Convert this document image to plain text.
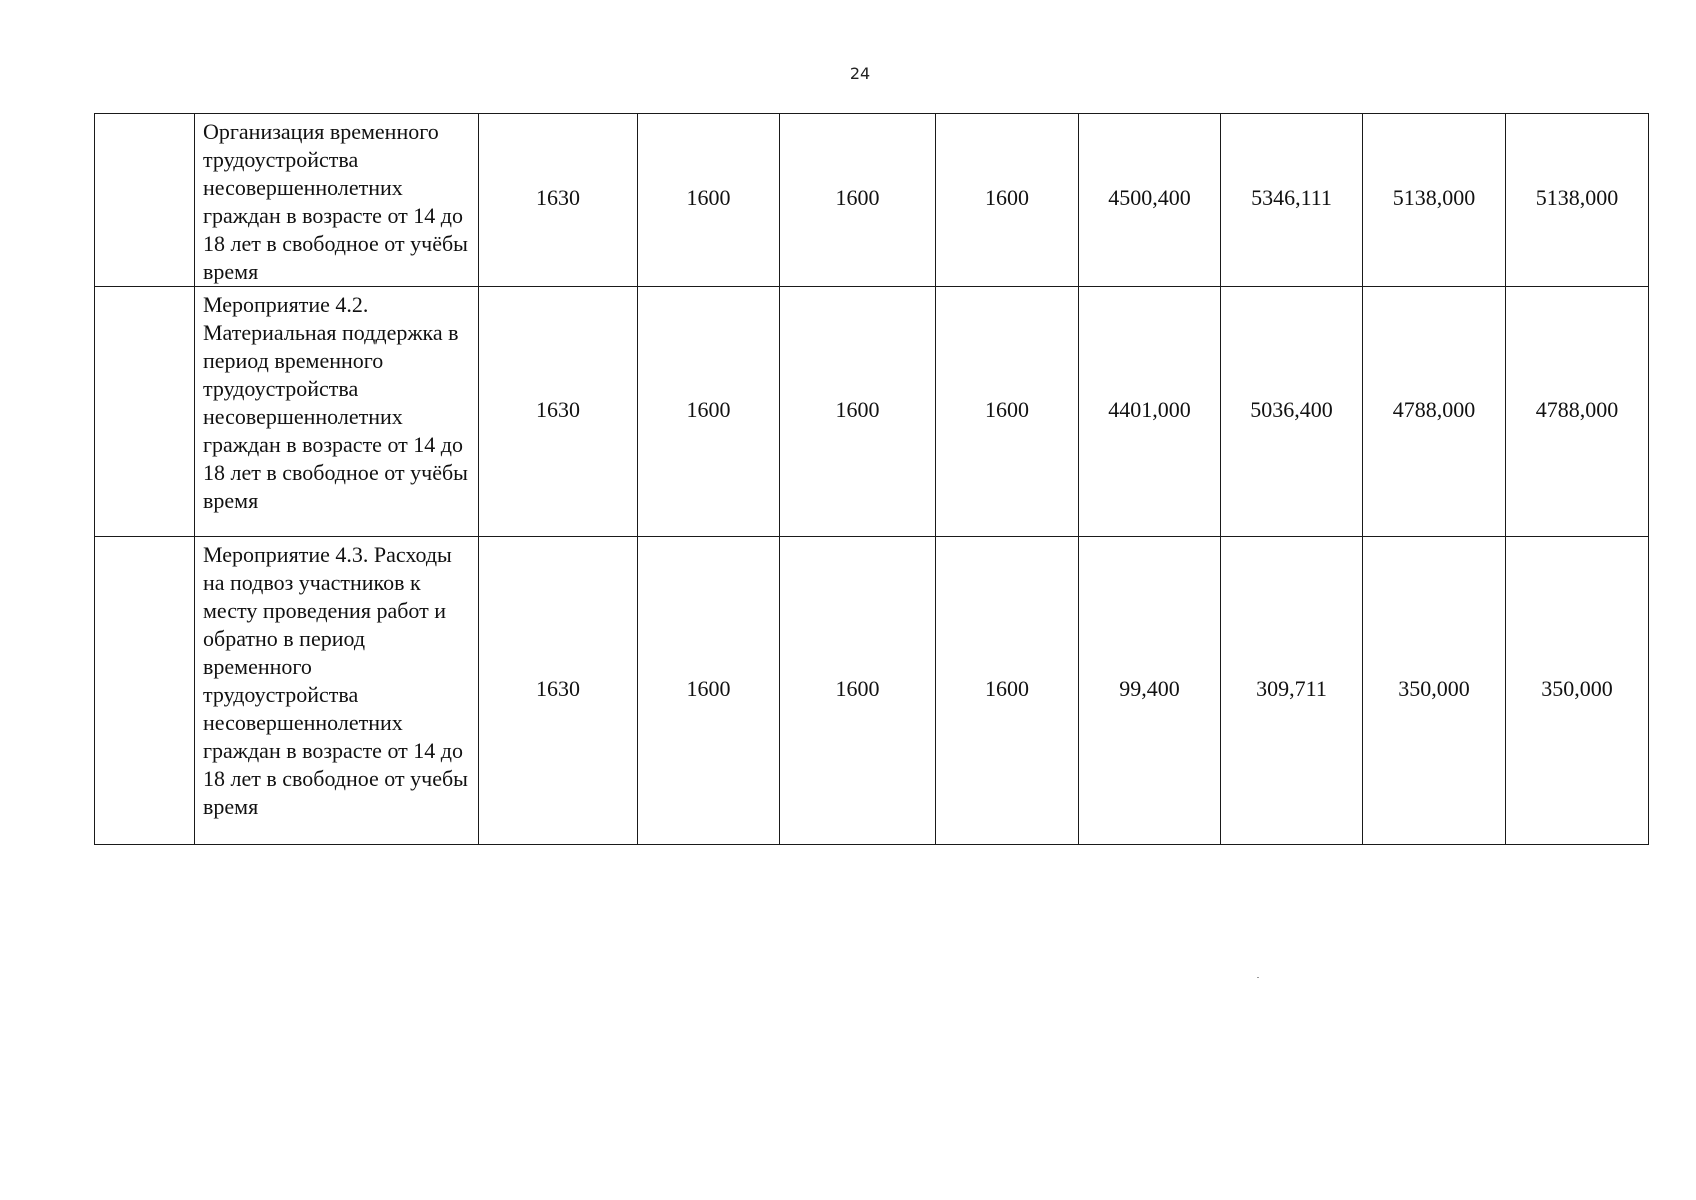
24
	Организация временного трудоустройства несовершеннолетних граждан в возрасте от 14 до 18 лет в свободное от учёбы время	1630	1600	1600	1600	4500,400	5346,111	5138,000	5138,000
	Мероприятие 4.2. Материальная поддержка в период временного трудоустройства несовершеннолетних граждан в возрасте от 14 до 18 лет в свободное от учёбы время	1630	1600	1600	1600	4401,000	5036,400	4788,000	4788,000
	Мероприятие 4.3. Расходы на подвоз участников к месту проведения работ и обратно в период временного трудоустройства несовершеннолетних граждан в возрасте от 14 до 18 лет в свободное от учебы время	1630	1600	1600	1600	99,400	309,711	350,000	350,000
